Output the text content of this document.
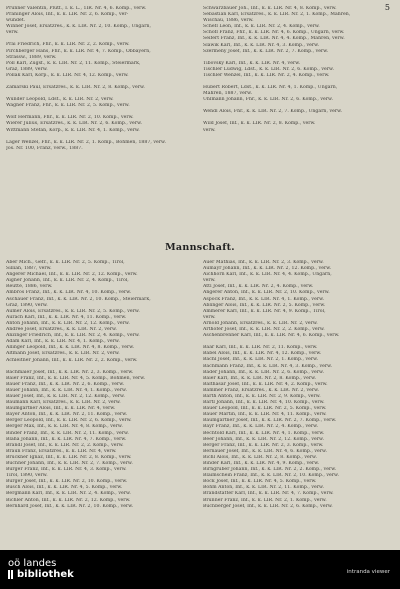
5
Prunner Valentin, Plutf., I. k. L., 1IR. Nr. 4, 6. Komp., verw.
Praninger Alois, Inf., k. k. LIR. Nr. 2, 6. Komp., ver-
wundet.
Winner Josef, Ersatzres., k. k. LIR. Nr. 2, 10. Komp., Ungarn,
verw.
Prai Friedrich, Fhr., k. k. LIR. Nr. 2, 2. Komp., verw.
Pirchberger Hans, Fhr., k. k. LIR. Nr. 4, 7. Komp., Obbayern,
Strassw., 1889, verw.
Pöll Karl, Zugsf., k. k. LIR. Nr. 2, 11. Komp., Steiermark,
Graz, 1889, verw.
Pollak Karl, Korp., k. k. LIR. Nr. 4, 12. Komp., verw.
Zamarski Paul, Ersatzres., k. k. LIR. Nr. 2, 8. Komp., verw.
Wunder Leopold, Ldst., k. k. LIR. Nr. 2, verw.
Wagner Franz, Fhr., k. k. LIR. Nr. 2, 5. Komp., verw.
Wolf Hermann, Fhr., k. k. LIR. Nr. 2, 10. Komp., verw.
Wierer Julius, Ersatzres., k. k. LIR. Nr. 2, 6. Komp., verw.
Wittmann Stefan, Korp., k. k. LIR. Nr. 4, 1. Komp., verw.
Lager Wenzel, Fhr., k. k. LIR. Nr. 2, 1. Komp., Böhmen, 1887, verw.
Jos. Nr. 100, Franz, verw., 1887.
Schwarzbauer Joh., Inf., k. k. LIR. Nr. 4, 8. Komp., verw.
Sebastian Karl, Ersatzres., k. k. LIR. Nr. 2, 1. Komp., Mähren,
Wischau, 1886, verw.
Schefl Leon, Inf., k. k. LIR. Nr. 2, 4. Komp., verw.
Schöfl Franz, Fhr., k. k. LIR. Nr. 4, 6. Komp., Ungarn, verw.
Seifert Franz, Inf., k. k. LIR. Nr. 4, 4. Komp., Mähren, verw.
Slawik Karl, Inf., k. k. LIR. Nr. 4, 3. Komp., verw.
Szermeny Josef, Inf., k. k. LIR. Nr. 2, 7. Komp., verw.
Tibovsky Karl, Inf., k. k. LIR. Nr. 4, verw.
Tischler Ludwig, Ldst., k. k. LIR. Nr. 2, 6. Komp., verw.
Tischler Wenzel, Inf., k. k. LIR. Nr. 2, 4. Komp., verw.
Hubert Robert, Ldst., k. k. LIR. Nr. 4, 1. Komp., Ungarn,
Mähren, 1887, verw.
Uhlmann Johann, Fhr., k. k. LIR. Nr. 2, 6. Komp., verw.
Wendl Alois, Fhr., k. k. LIR. Nr. 2, 7. Komp., Ungarn, verw.
Wild Josef, Inf., k. k. LIR. Nr. 2, 8. Komp., verw.
verw.
Mannschaft.
Aber Mich., Gefr., k. k. LIR. Nr. 2, 5. Komp., Tirol,
Sillian, 1887, verw.
Angerer Michael, Inf., k. k. LIR. Nr. 2, 12. Komp., verw.
Aigner Johann, Inf., k. k. LIR. Nr. 2, 4. Komp., Tirol,
Reutte, 1886, verw.
Ambros Franz, Inf., k. k. LIR. Nr. 4, 10. Komp., verw.
Aschauer Franz, Inf., k. k. LIR. Nr. 2, 10. Komp., Steiermark,
Graz, 1890, verw.
Aumer Alois, Ersatzres., k. k. LIR. Nr. 2, 5. Komp., verw.
Aurach Karl, Inf., k. k. LIR. Nr. 4, 11. Komp., verw.
Anton Johann, Inf., k. k. LIR. Nr. 2, 12. Komp., verw.
Andree Josef, Ersatzres., k. k. LIR. Nr. 2, verw.
Anzinger Friedrich, Inf., k. k. LIR. Nr. 2, 4. Komp., verw.
Adam Karl, Inf., k. k. LIR. Nr. 4, 1. Komp., verw.
Allinger Leopold, Inf., k. k. LIR. Nr. 4, 8. Komp., verw.
Altmann Josef, Ersatzres., k. k. LIR. Nr. 2, verw.
Achleitner Johann, Inf., k. k. LIR. Nr. 2, 2. Komp., verw.
Bachmaier Josef, Inf., k. k. LIR. Nr. 2, 3. Komp., verw.
Baier Franz, Inf., k. k. LIR. Nr. 4, 5. Komp., Böhmen, verw.
Bauer Franz, Inf., k. k. LIR. Nr. 2, 6. Komp., verw.
Bauer Johann, Inf., k. k. LIR. Nr. 4, 1. Komp., verw.
Bauer Josef, Inf., k. k. LIR. Nr. 2, 12. Komp., verw.
Baumann Karl, Ersatzres., k. k. LIR. Nr. 2, verw.
Baumgartner Alois, Inf., k. k. LIR. Nr. 4, verw.
Bayer Anton, Inf., k. k. LIR. Nr. 2, 11. Komp., verw.
Berger Leopold, Inf., k. k. LIR. Nr. 2, 6. Komp., verw.
Berger Max, Inf., k. k. LIR. Nr. 4, 8. Komp., verw.
Binder Franz, Inf., k. k. LIR. Nr. 2, 11. Komp., verw.
Blaha Johann, Inf., k. k. LIR. Nr. 4, 7. Komp., verw.
Brandl Josef, Inf., k. k. LIR. Nr. 2, 2. Komp., verw.
Braun Franz, Ersatzres., k. k. LIR. Nr. 4, verw.
Bruckner Ignaz, Inf., k. k. LIR. Nr. 2, 8. Komp., verw.
Buchner Johann, Inf., k. k. LIR. Nr. 2, 7. Komp., verw.
Bürger Franz, Inf., k. k. LIR. Nr. 4, 3. Komp., verw.
Tirol, 1890, verw.
Burger Josef, Inf., k. k. LIR. Nr. 2, 10. Komp., verw.
Busch Alois, Inf., k. k. LIR. Nr. 4, 5. Komp., verw.
Bergmann Karl, Inf., k. k. LIR. Nr. 2, 4. Komp., verw.
Bichler Anton, Inf., k. k. LIR. Nr. 2, 12. Komp., verw.
Bernhard Josef, Inf., k. k. LIR. Nr. 2, 10. Komp., verw.
Auer Mathias, Inf., k. k. LIR. Nr. 2, 3. Komp., verw.
Aumayr Johann, Inf., k. k. LIR. Nr. 2, 12. Komp., verw.
Aichhorn Karl, Inf., k. k. LIR. Nr. 4, 4. Komp., Ungarn,
verw.
Attl Josef, Inf., k. k. LIR. Nr. 2, 4. Komp., verw.
Angerer Anton, Inf., k. k. LIR. Nr. 2, 10. Komp., verw.
Aspöck Franz, Inf., k. k. LIR. Nr. 4, 1. Komp., verw.
Ablinger Alois, Inf., k. k. LIR. Nr. 2, 5. Komp., verw.
Ammerer Karl, Inf., k. k. LIR. Nr. 4, 9. Komp., Tirol,
verw.
Arnold Johann, Ersatzres., k. k. LIR. Nr. 2, verw.
Arthofer Josef, Inf., k. k. LIR. Nr. 2, 2. Komp., verw.
Aschenbrenner Karl, Inf., k. k. LIR. Nr. 4, 6. Komp., verw.
Baar Karl, Inf., k. k. LIR. Nr. 2, 11. Komp., verw.
Babel Alois, Inf., k. k. LIR. Nr. 4, 12. Komp., verw.
Bachl Josef, Inf., k. k. LIR. Nr. 2, 1. Komp., verw.
Bachmann Franz, Inf., k. k. LIR. Nr. 4, 3. Komp., verw.
Bader Johann, Inf., k. k. LIR. Nr. 2, 6. Komp., verw.
Baier Karl, Inf., k. k. LIR. Nr. 2, 8. Komp., verw.
Balthasar Josef, Inf., k. k. LIR. Nr. 4, 2. Komp., verw.
Bammer Franz, Ersatzres., k. k. LIR. Nr. 2, verw.
Barth Anton, Inf., k. k. LIR. Nr. 2, 9. Komp., verw.
Bartl Johann, Inf., k. k. LIR. Nr. 4, 10. Komp., verw.
Bauer Leopold, Inf., k. k. LIR. Nr. 2, 5. Komp., verw.
Bauer Martin, Inf., k. k. LIR. Nr. 4, 11. Komp., verw.
Baumgartner Josef, Inf., k. k. LIR. Nr. 2, 7. Komp., verw.
Bayr Franz, Inf., k. k. LIR. Nr. 2, 4. Komp., verw.
Bechtold Karl, Inf., k. k. LIR. Nr. 4, 1. Komp., verw.
Beer Johann, Inf., k. k. LIR. Nr. 2, 12. Komp., verw.
Berger Franz, Inf., k. k. LIR. Nr. 2, 3. Komp., verw.
Bernauer Josef, Inf., k. k. LIR. Nr. 4, 6. Komp., verw.
Bichl Alois, Inf., k. k. LIR. Nr. 2, 8. Komp., verw.
Binder Karl, Inf., k. k. LIR. Nr. 4, 9. Komp., verw.
Birngruber Johann, Inf., k. k. LIR. Nr. 2, 2. Komp., verw.
Blaimschein Franz, Inf., k. k. LIR. Nr. 2, 10. Komp., verw.
Bock Josef, Inf., k. k. LIR. Nr. 4, 5. Komp., verw.
Böhm Anton, Inf., k. k. LIR. Nr. 2, 11. Komp., verw.
Brandstätter Karl, Inf., k. k. LIR. Nr. 4, 7. Komp., verw.
Brunner Franz, Inf., k. k. LIR. Nr. 2, 1. Komp., verw.
Buchberger Josef, Inf., k. k. LIR. Nr. 2, 6. Komp., verw.
oö landes
bibliothek	intranda viewer
